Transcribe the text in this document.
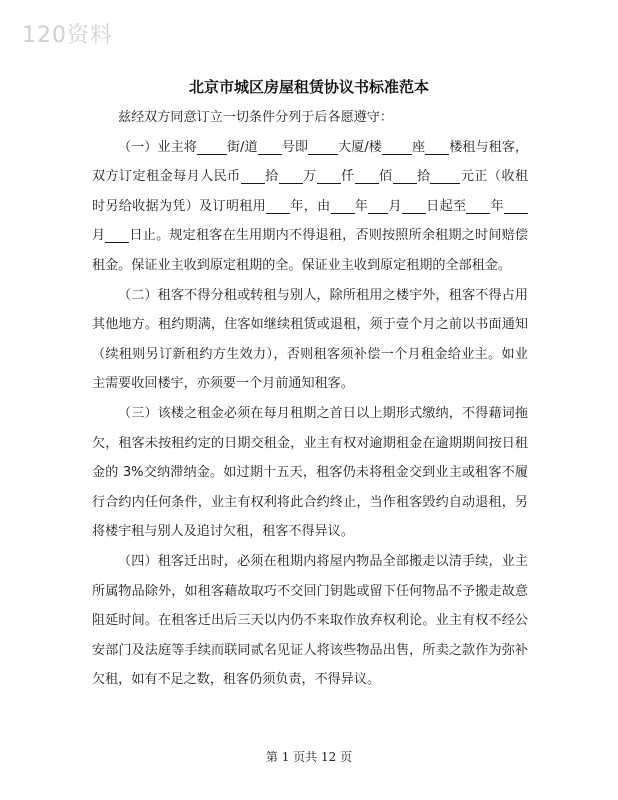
120资料
北京市城区房屋租赁协议书标准范本

兹经双方同意订立一切条件分列于后各愿遵守：

（一）业主将 街/道 号即 大厦/楼 座 楼租与租客，双方订定租金每月人民币 拾 万 仟 佰 拾 元正（收租时另给收据为凭）及订明租用 年，由 年 月 日起至 年月 日止。规定租客在生用期内不得退租，否则按照所余租期之时间赔偿租金。保证业主收到原定租期的全。保证业主收到原定租期的全部租金。

（二）租客不得分租或转租与别人，除所租用之楼宇外，租客不得占用其他地方。租约期满，住客如继续租赁或退租，须于壹个月之前以书面通知（续租则另订新租约方生效力），否则租客须补偿一个月租金给业主。如业主需要收回楼宇，亦须要一个月前通知租客。

（三）该楼之租金必须在每月租期之首日以上期形式缴纳，不得藉词拖欠，租客未按租约定的日期交租金，业主有权对逾期租金在逾期期间按日租金的 3%交纳滞纳金。如过期十五天，租客仍未将租金交到业主或租客不履行合约内任何条件，业主有权利将此合约终止，当作租客毁约自动退租，另将楼宇租与别人及追讨欠租，租客不得异议。

（四）租客迁出时，必须在租期内将屋内物品全部搬走以清手续，业主所属物品除外，如租客藉故取巧不交回门钥匙或留下任何物品不予搬走故意阻延时间。在租客迁出后三天以内仍不来取作放弃权利论。业主有权不经公安部门及法庭等手续而联同贰名见证人将该些物品出售，所卖之款作为弥补欠租，如有不足之数，租客仍须负责，不得异议。

第 1 页共 12 页
